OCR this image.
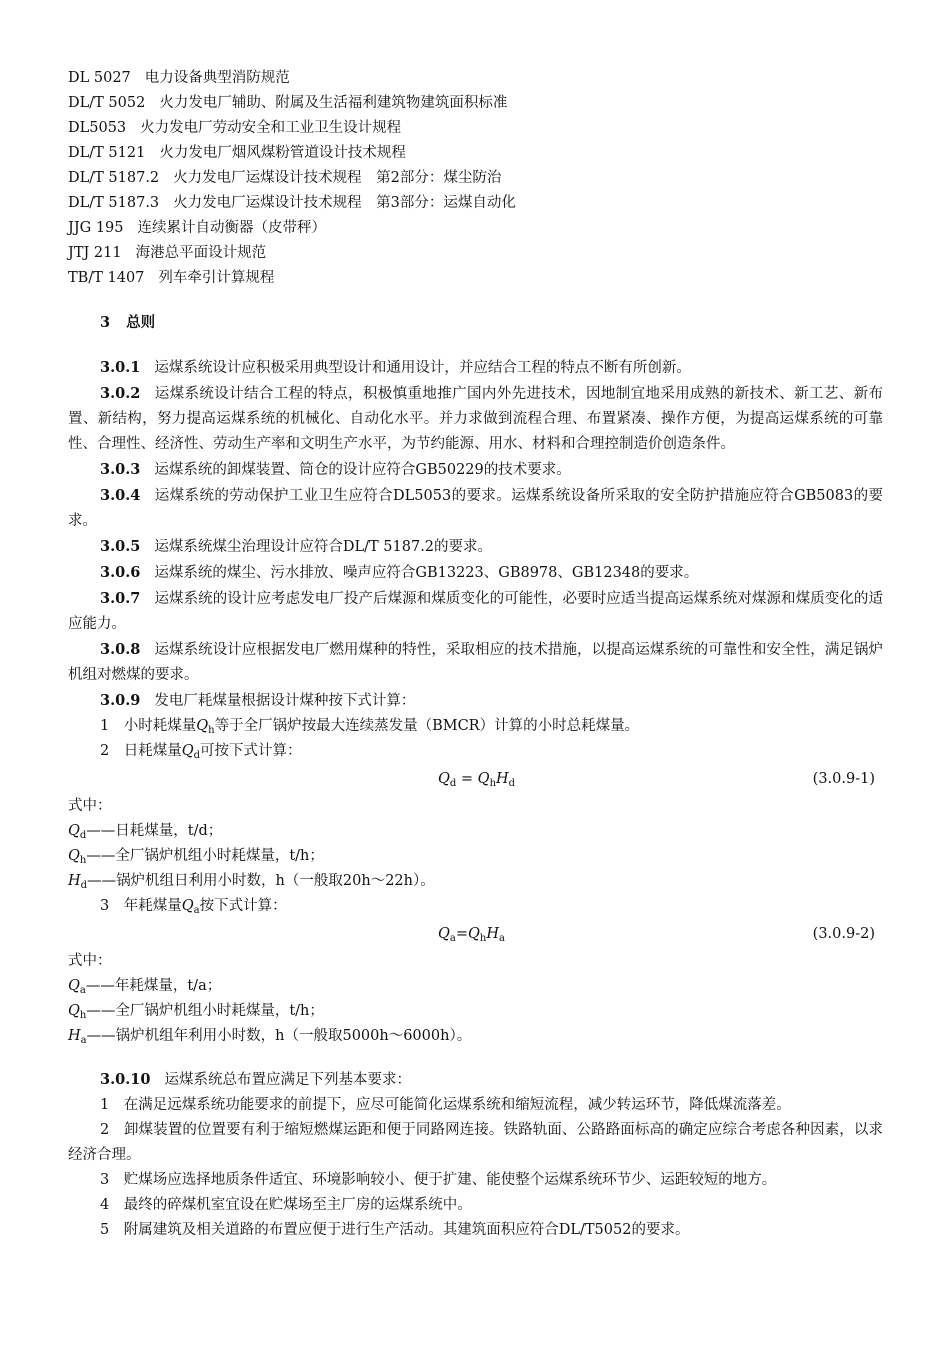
DL 5027 电力设备典型消防规范
DL/T 5052 火力发电厂辅助、附属及生活福利建筑物建筑面积标准
DL5053 火力发电厂劳动安全和工业卫生设计规程
DL/T 5121 火力发电厂烟风煤粉管道设计技术规程
DL/T 5187.2 火力发电厂运煤设计技术规程　第2部分：煤尘防治
DL/T 5187.3 火力发电厂运煤设计技术规程　第3部分：运煤自动化
JJG 195 连续累计自动衡器（皮带秤）
JTJ 211 海港总平面设计规范
TB/T 1407 列车牵引计算规程
3 总则
3.0.1 运煤系统设计应积极采用典型设计和通用设计，并应结合工程的特点不断有所创新。
3.0.2 运煤系统设计结合工程的特点，积极慎重地推广国内外先进技术，因地制宜地采用成熟的新技术、新工艺、新布置、新结构，努力提高运煤系统的机械化、自动化水平。并力求做到流程合理、布置紧凑、操作方便，为提高运煤系统的可靠性、合理性、经济性、劳动生产率和文明生产水平，为节约能源、用水、材料和合理控制造价创造条件。
3.0.3 运煤系统的卸煤装置、筒仓的设计应符合GB50229的技术要求。
3.0.4 运煤系统的劳动保护工业卫生应符合DL5053的要求。运煤系统设备所采取的安全防护措施应符合GB5083的要求。
3.0.5 运煤系统煤尘治理设计应符合DL/T 5187.2的要求。
3.0.6 运煤系统的煤尘、污水排放、噪声应符合GB13223、GB8978、GB12348的要求。
3.0.7 运煤系统的设计应考虑发电厂投产后煤源和煤质变化的可能性，必要时应适当提高运煤系统对煤源和煤质变化的适应能力。
3.0.8 运煤系统设计应根据发电厂燃用煤种的特性，采取相应的技术措施，以提高运煤系统的可靠性和安全性，满足锅炉机组对燃煤的要求。
3.0.9 发电厂耗煤量根据设计煤种按下式计算：
1　 小时耗煤量$Q_h$等于全厂锅炉按最大连续蒸发量（BMCR）计算的小时总耗煤量。
2　 日耗煤量$Q_d$可按下式计算：
$Q_d = Q_hH_d$	(3.0.9-1)
式中：
$Q_d——$日耗煤量，t/d；
$Q_h——$全厂锅炉机组小时耗煤量，t/h；
$H_d——$锅炉机组日利用小时数，h（一般取20h～22h）。
3　 年耗煤量$Q_a$按下式计算：
$Q_a=Q_hH_a$	(3.0.9-2)
式中：
$Q_a——$年耗煤量，t/a；
$Q_h——$全厂锅炉机组小时耗煤量，t/h；
$H_a——$锅炉机组年利用小时数，h（一般取5000h～6000h）。
3.0.10 运煤系统总布置应满足下列基本要求：
1　 在满足远煤系统功能要求的前提下，应尽可能简化运煤系统和缩短流程，减少转运环节，降低煤流落差。
2　 卸煤装置的位置要有利于缩短燃煤运距和便于同路网连接。铁路轨面、公路路面标高的确定应综合考虑各种因素，以求经济合理。
3　 贮煤场应选择地质条件适宜、环境影响较小、便于扩建、能使整个运煤系统环节少、运距较短的地方。
4　 最终的碎煤机室宜设在贮煤场至主厂房的运煤系统中。
5　 附属建筑及相关道路的布置应便于进行生产活动。其建筑面积应符合DL/T5052的要求。
